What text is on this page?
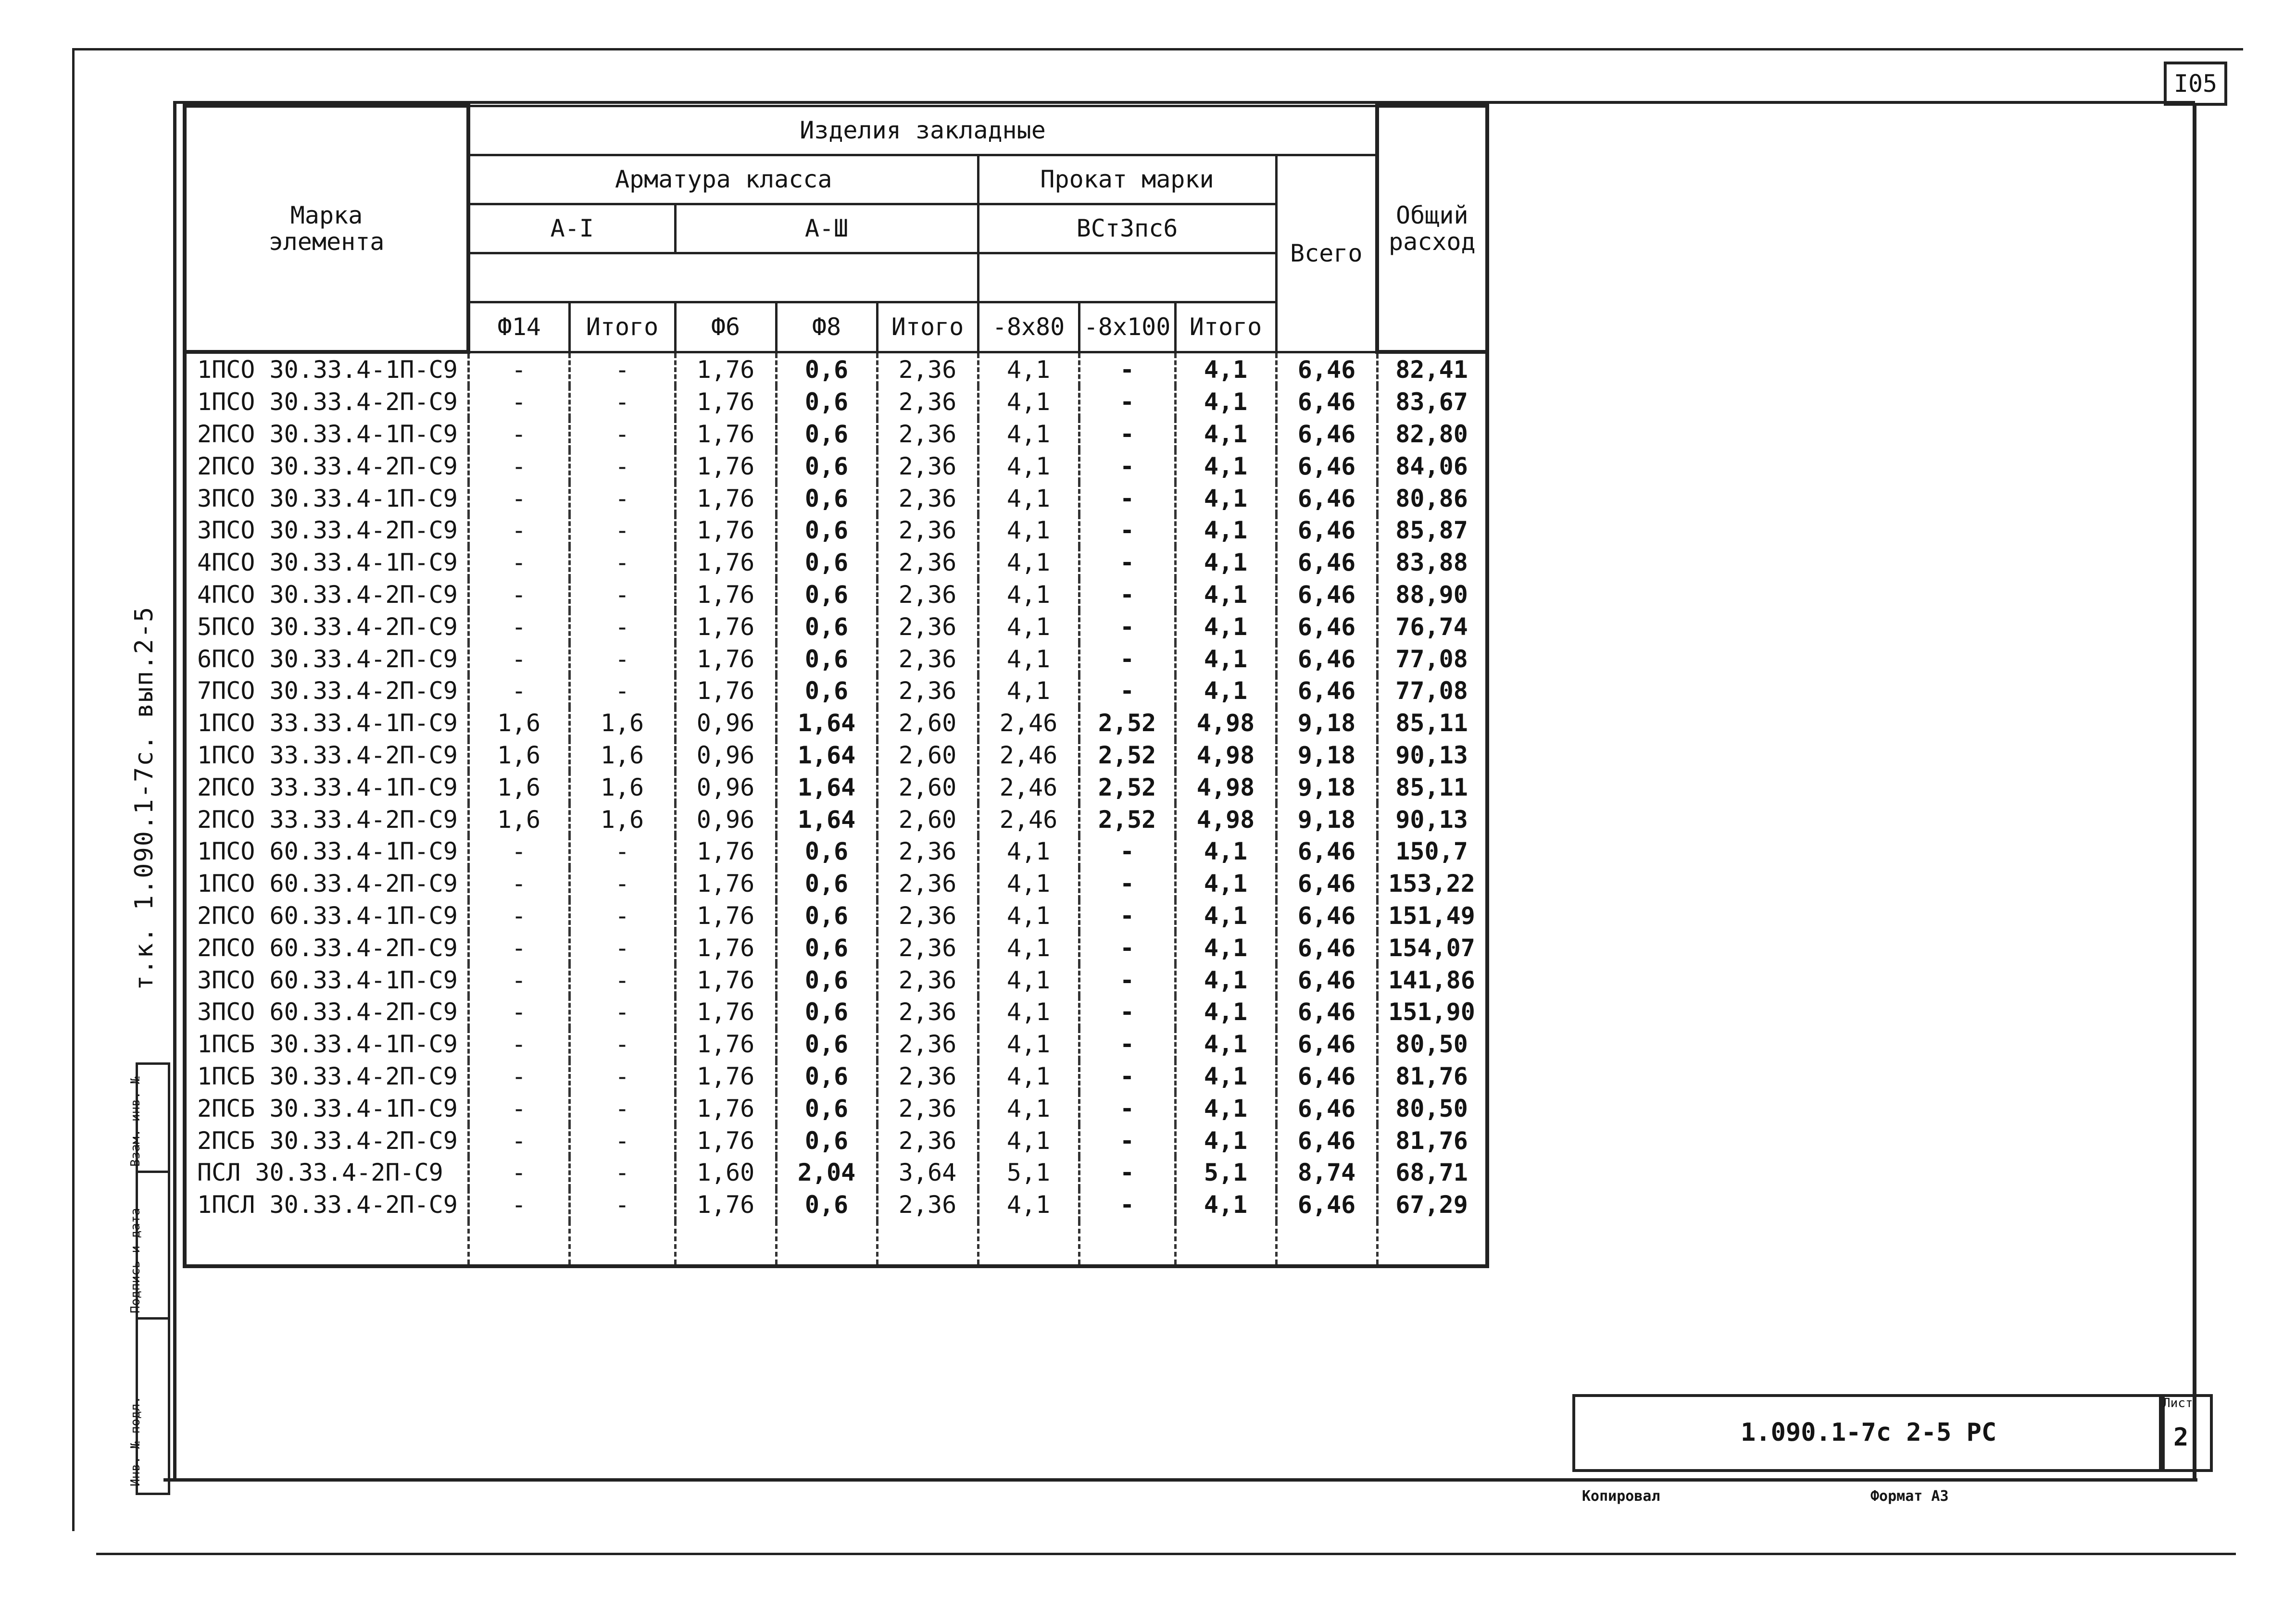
I05
т.к. 1.090.1-7с. вып.2-5
Взам. инв. №
Подпись и дата
Инв. № подл.
Марка элемента	Изделия закладные									Общий расход
	Арматура класса					Прокат марки			Всего	
	А-I		А-Ш			ВСт3пс6				

	Ф14	Итого	Ф6	Ф8	Итого	-8х80	-8х100	Итого		
1ПСО 30.33.4-1П-С9	-	-	1,76	0,6	2,36	4,1	-	4,1	6,46	82,41
1ПСО 30.33.4-2П-С9	-	-	1,76	0,6	2,36	4,1	-	4,1	6,46	83,67
2ПСО 30.33.4-1П-С9	-	-	1,76	0,6	2,36	4,1	-	4,1	6,46	82,80
2ПСО 30.33.4-2П-С9	-	-	1,76	0,6	2,36	4,1	-	4,1	6,46	84,06
3ПСО 30.33.4-1П-С9	-	-	1,76	0,6	2,36	4,1	-	4,1	6,46	80,86
3ПСО 30.33.4-2П-С9	-	-	1,76	0,6	2,36	4,1	-	4,1	6,46	85,87
4ПСО 30.33.4-1П-С9	-	-	1,76	0,6	2,36	4,1	-	4,1	6,46	83,88
4ПСО 30.33.4-2П-С9	-	-	1,76	0,6	2,36	4,1	-	4,1	6,46	88,90
5ПСО 30.33.4-2П-С9	-	-	1,76	0,6	2,36	4,1	-	4,1	6,46	76,74
6ПСО 30.33.4-2П-С9	-	-	1,76	0,6	2,36	4,1	-	4,1	6,46	77,08
7ПСО 30.33.4-2П-С9	-	-	1,76	0,6	2,36	4,1	-	4,1	6,46	77,08
1ПСО 33.33.4-1П-С9	1,6	1,6	0,96	1,64	2,60	2,46	2,52	4,98	9,18	85,11
1ПСО 33.33.4-2П-С9	1,6	1,6	0,96	1,64	2,60	2,46	2,52	4,98	9,18	90,13
2ПСО 33.33.4-1П-С9	1,6	1,6	0,96	1,64	2,60	2,46	2,52	4,98	9,18	85,11
2ПСО 33.33.4-2П-С9	1,6	1,6	0,96	1,64	2,60	2,46	2,52	4,98	9,18	90,13
1ПСО 60.33.4-1П-С9	-	-	1,76	0,6	2,36	4,1	-	4,1	6,46	150,7
1ПСО 60.33.4-2П-С9	-	-	1,76	0,6	2,36	4,1	-	4,1	6,46	153,22
2ПСО 60.33.4-1П-С9	-	-	1,76	0,6	2,36	4,1	-	4,1	6,46	151,49
2ПСО 60.33.4-2П-С9	-	-	1,76	0,6	2,36	4,1	-	4,1	6,46	154,07
3ПСО 60.33.4-1П-С9	-	-	1,76	0,6	2,36	4,1	-	4,1	6,46	141,86
3ПСО 60.33.4-2П-С9	-	-	1,76	0,6	2,36	4,1	-	4,1	6,46	151,90
1ПСБ 30.33.4-1П-С9	-	-	1,76	0,6	2,36	4,1	-	4,1	6,46	80,50
1ПСБ 30.33.4-2П-С9	-	-	1,76	0,6	2,36	4,1	-	4,1	6,46	81,76
2ПСБ 30.33.4-1П-С9	-	-	1,76	0,6	2,36	4,1	-	4,1	6,46	80,50
2ПСБ 30.33.4-2П-С9	-	-	1,76	0,6	2,36	4,1	-	4,1	6,46	81,76
ПСЛ 30.33.4-2П-С9	-	-	1,60	2,04	3,64	5,1	-	5,1	8,74	68,71
1ПСЛ 30.33.4-2П-С9	-	-	1,76	0,6	2,36	4,1	-	4,1	6,46	67,29

1.090.1-7с 2-5 РС
Лист
2
Копировал	Формат А3
